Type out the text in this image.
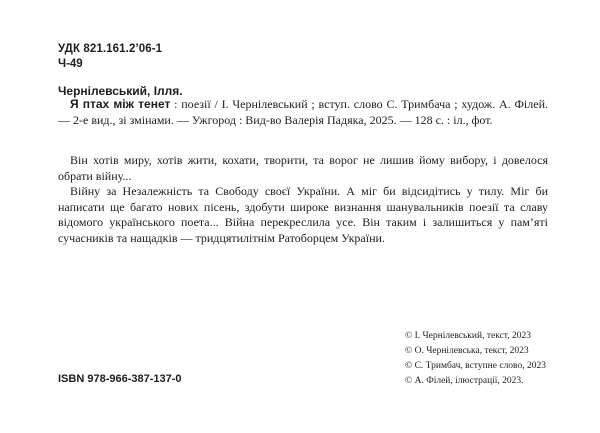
УДК 821.161.2’06-1
Ч-49
Чернілевський, Ілля.
Я птах між тенет : поезії / І. Чернілевський ; вступ. слово С. Тримбача ; худож. А. Філей. — 2-е вид., зі змінами. — Ужгород : Вид-во Валерія Падяка, 2025. — 128 с. : іл., фот.

Він хотів миру, хотів жити, кохати, творити, та ворог не лишив йому вибору, і довелося обрати війну...

Війну за Незалежність та Свободу своєї України. А міг би відсидітись у тилу. Міг би написати ще багато нових пісень, здобути широке визнання шанувальників поезії та славу відомого українського поета... Війна перекреслила усе. Він таким і залишиться у пам’яті сучасників та нащадків — тридцятилітнім Ратоборцем України.

ISBN 978-966-387-137-0
© І. Чернілевський, текст, 2023
© О. Чернілевська, текст, 2023
© С. Тримбач, вступне слово, 2023
© А. Філей, ілюстрації, 2023.
